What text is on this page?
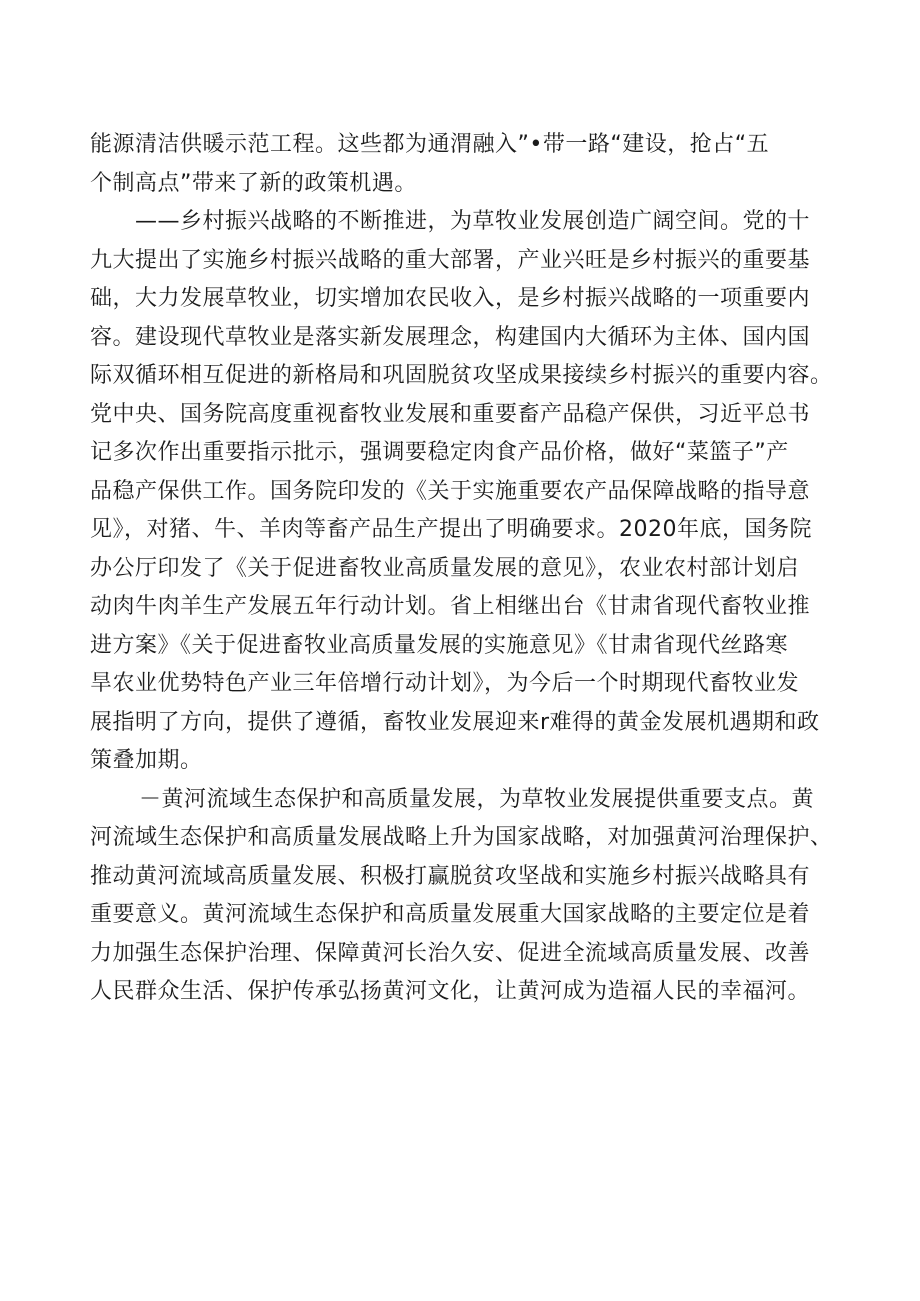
能源清洁供暖示范工程。这些都为通渭融入”•带一路“建设，抢占“五
个制高点”带来了新的政策机遇。
——乡村振兴战略的不断推进，为草牧业发展创造广阔空间。党的十
九大提出了实施乡村振兴战略的重大部署，产业兴旺是乡村振兴的重要基
础，大力发展草牧业，切实增加农民收入，是乡村振兴战略的一项重要内
容。建设现代草牧业是落实新发展理念，构建国内大循环为主体、国内国
际双循环相互促进的新格局和巩固脱贫攻坚成果接续乡村振兴的重要内容。
党中央、国务院高度重视畜牧业发展和重要畜产品稳产保供，习近平总书
记多次作出重要指示批示，强调要稳定肉食产品价格，做好“菜篮子”产
品稳产保供工作。国务院印发的《关于实施重要农产品保障战略的指导意
见》，对猪、牛、羊肉等畜产品生产提出了明确要求。2020年底，国务院
办公厅印发了《关于促进畜牧业高质量发展的意见》，农业农村部计划启
动肉牛肉羊生产发展五年行动计划。省上相继出台《甘肃省现代畜牧业推
进方案》《关于促进畜牧业高质量发展的实施意见》《甘肃省现代丝路寒
旱农业优势特色产业三年倍增行动计划》，为今后一个时期现代畜牧业发
展指明了方向，提供了遵循，畜牧业发展迎来r难得的黄金发展机遇期和政
策叠加期。
－黄河流域生态保护和高质量发展，为草牧业发展提供重要支点。黄
河流域生态保护和高质量发展战略上升为国家战略，对加强黄河治理保护、
推动黄河流域高质量发展、积极打赢脱贫攻坚战和实施乡村振兴战略具有
重要意义。黄河流域生态保护和高质量发展重大国家战略的主要定位是着
力加强生态保护治理、保障黄河长治久安、促进全流域高质量发展、改善
人民群众生活、保护传承弘扬黄河文化，让黄河成为造福人民的幸福河。
